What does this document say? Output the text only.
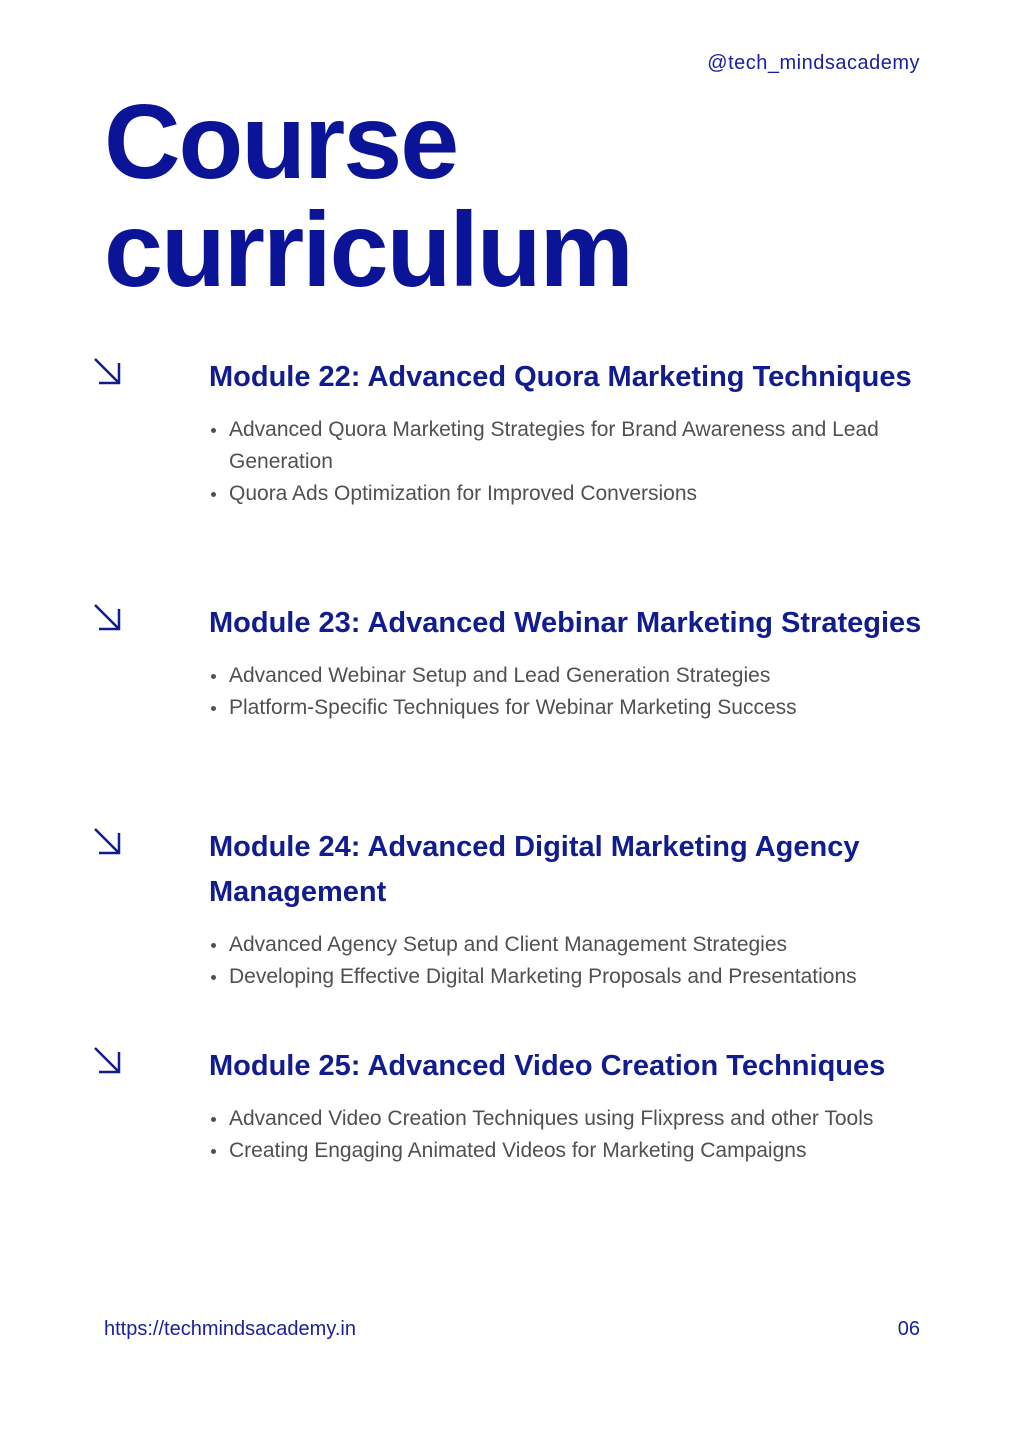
@tech_mindsacademy
Course
curriculum
Module 22: Advanced Quora Marketing Techniques
Advanced Quora Marketing Strategies for Brand Awareness and Lead Generation
Quora Ads Optimization for Improved Conversions
Module 23: Advanced Webinar Marketing Strategies
Advanced Webinar Setup and Lead Generation Strategies
Platform-Specific Techniques for Webinar Marketing Success
Module 24: Advanced Digital Marketing Agency Management
Advanced Agency Setup and Client Management Strategies
Developing Effective Digital Marketing Proposals and Presentations
Module 25: Advanced Video Creation Techniques
Advanced Video Creation Techniques using Flixpress and other Tools
Creating Engaging Animated Videos for Marketing Campaigns
https://techmindsacademy.in	06
